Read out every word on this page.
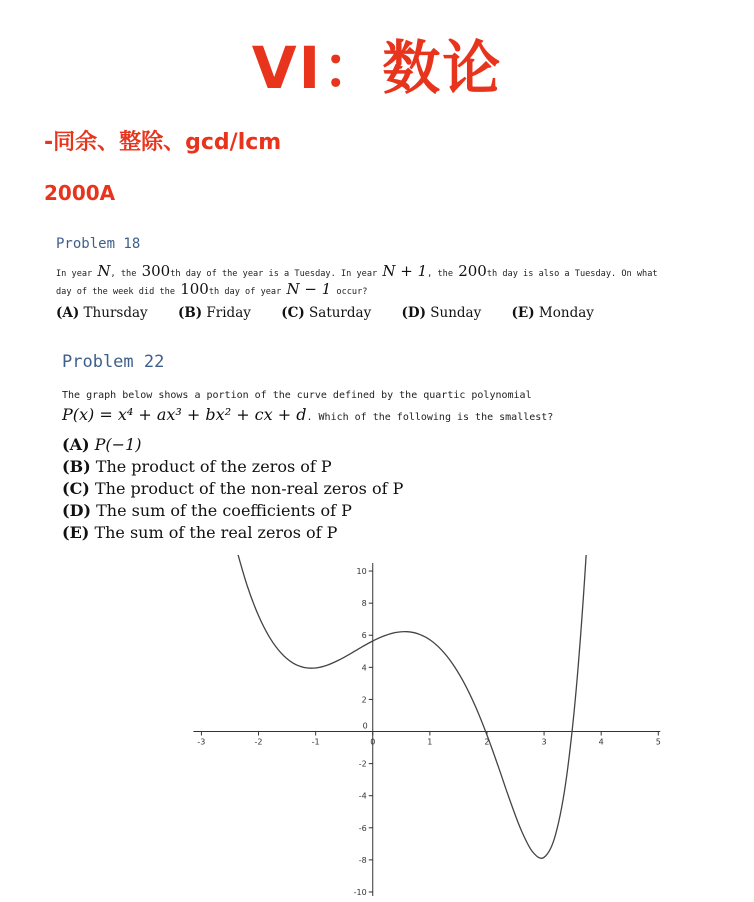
VI：数论
-同余、整除、gcd/lcm
2000A
Problem 18

In year N, the 300th day of the year is a Tuesday. In year N + 1, the 200th day is also a Tuesday. On what

day of the week did the 100th day of year N − 1 occur?

(A) Thursday (B) Friday (C) Saturday (D) Sunday (E) Monday

Problem 22

The graph below shows a portion of the curve defined by the quartic polynomial

P(x) = x⁴ + ax³ + bx² + cx + d. Which of the following is the smallest?

(A) P(−1)
(B) The product of the zeros of P
(C) The product of the non-real zeros of P
(D) The sum of the coefficients of P
(E) The sum of the real zeros of P
-3	-2	-1	0	1	2	3	4	5
-10
-8
-6
-4
-2
0
2
4
6
8
10
